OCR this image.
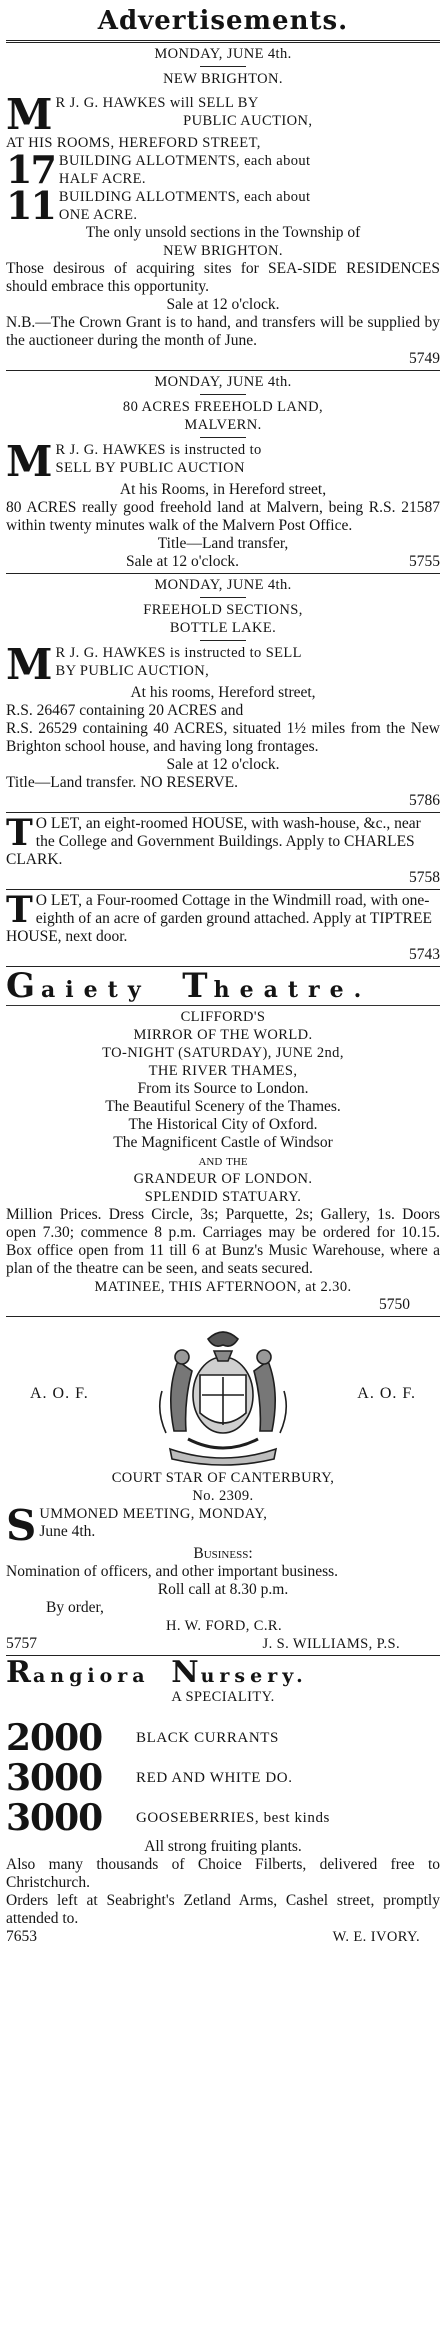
Advertisements.
MONDAY, JUNE 4th.
NEW BRIGHTON.
M R J. G. HAWKES will SELL BY
PUBLIC AUCTION,
AT HIS ROOMS, HEREFORD STREET,
17 BUILDING ALLOTMENTS, each about
HALF ACRE.
11 BUILDING ALLOTMENTS, each about
ONE ACRE.
The only unsold sections in the Township of
NEW BRIGHTON.
Those desirous of acquiring sites for SEA-SIDE RESIDENCES should embrace this opportunity.
Sale at 12 o'clock.
N.B.—The Crown Grant is to hand, and transfers will be supplied by the auctioneer during the month of June.
5749
MONDAY, JUNE 4th.
80 ACRES FREEHOLD LAND,
MALVERN.
M R J. G. HAWKES is instructed to
SELL BY PUBLIC AUCTION
At his Rooms, in Hereford street,
80 ACRES really good freehold land at Malvern, being R.S. 21587 within twenty minutes walk of the Malvern Post Office.
Title—Land transfer,
Sale at 12 o'clock.	5755
MONDAY, JUNE 4th.
FREEHOLD SECTIONS,
BOTTLE LAKE.
M R J. G. HAWKES is instructed to SELL
BY PUBLIC AUCTION,
At his rooms, Hereford street,
R.S. 26467 containing 20 ACRES and
R.S. 26529 containing 40 ACRES, situated 1½ miles from the New Brighton school house, and having long frontages.
Sale at 12 o'clock.
Title—Land transfer. NO RESERVE.
5786
T O LET, an eight-roomed HOUSE, with wash-house, &c., near the College and Government Buildings. Apply to CHARLES CLARK.
5758
T O LET, a Four-roomed Cottage in the Windmill road, with one-eighth of an acre of garden ground attached. Apply at TIPTREE HOUSE, next door.
5743
Gaiety Theatre.
CLIFFORD'S
MIRROR OF THE WORLD.
TO-NIGHT (SATURDAY), JUNE 2nd,
THE RIVER THAMES,
From its Source to London.
The Beautiful Scenery of the Thames.
The Historical City of Oxford.
The Magnificent Castle of Windsor
and the
GRANDEUR OF LONDON.
SPLENDID STATUARY.
Million Prices. Dress Circle, 3s; Parquette, 2s; Gallery, 1s. Doors open 7.30; commence 8 p.m. Carriages may be ordered for 10.15. Box office open from 11 till 6 at Bunz's Music Warehouse, where a plan of the theatre can be seen, and seats secured.
MATINEE, THIS AFTERNOON, at 2.30.
5750
A. O. F.	A. O. F.
COURT STAR OF CANTERBURY,
No. 2309.
S UMMONED MEETING, MONDAY,
June 4th.
Business:
Nomination of officers, and other important business.
Roll call at 8.30 p.m.
By order,
H. W. FORD, C.R.
5757	J. S. WILLIAMS, P.S.
Rangiora Nursery.
A SPECIALITY.
2000	BLACK CURRANTS
3000	RED AND WHITE DO.
3000	GOOSEBERRIES, best kinds
All strong fruiting plants.
Also many thousands of Choice Filberts, delivered free to Christchurch.
Orders left at Seabright's Zetland Arms, Cashel street, promptly attended to.
7653	W. E. IVORY.
